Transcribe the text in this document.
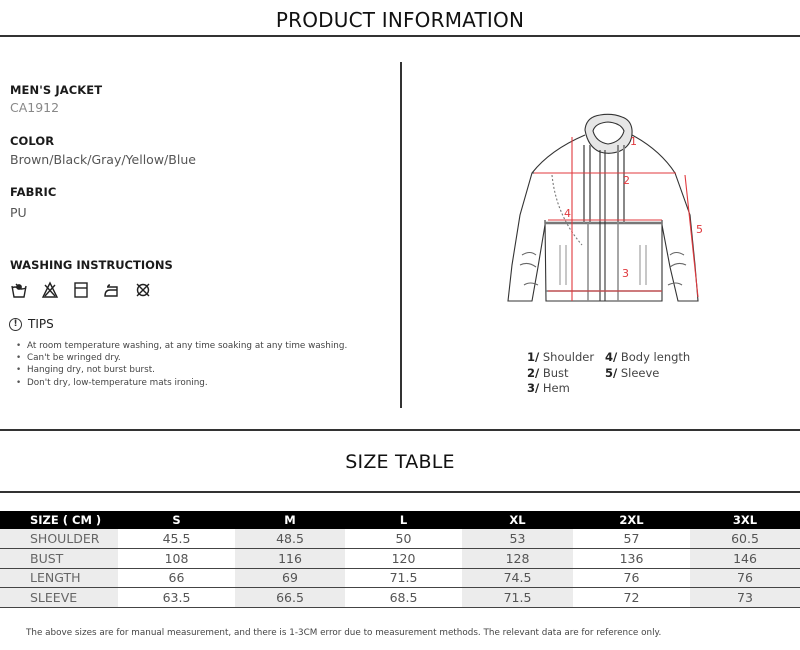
PRODUCT INFORMATION
MEN'S JACKET
CA1912
COLOR
Brown/Black/Gray/Yellow/Blue
FABRIC
PU
WASHING INSTRUCTIONS
! TIPS
• At room temperature washing, at any time soaking at any time washing.
• Can't be wringed dry.
• Hanging dry, not burst burst.
• Don't dry, low-temperature mats ironing.
1
2
3
4
5
1/ Shoulder 4/ Body length
2/ Bust	5/ Sleeve
3/ Hem
SIZE TABLE
SIZE ( CM )	S	M	L	XL	2XL	3XL
SHOULDER	45.5	48.5	50	53	57	60.5
BUST	108	116	120	128	136	146
LENGTH	66	69	71.5	74.5	76	76
SLEEVE	63.5	66.5	68.5	71.5	72	73
The above sizes are for manual measurement, and there is 1-3CM error due to measurement methods. The relevant data are for reference only.
